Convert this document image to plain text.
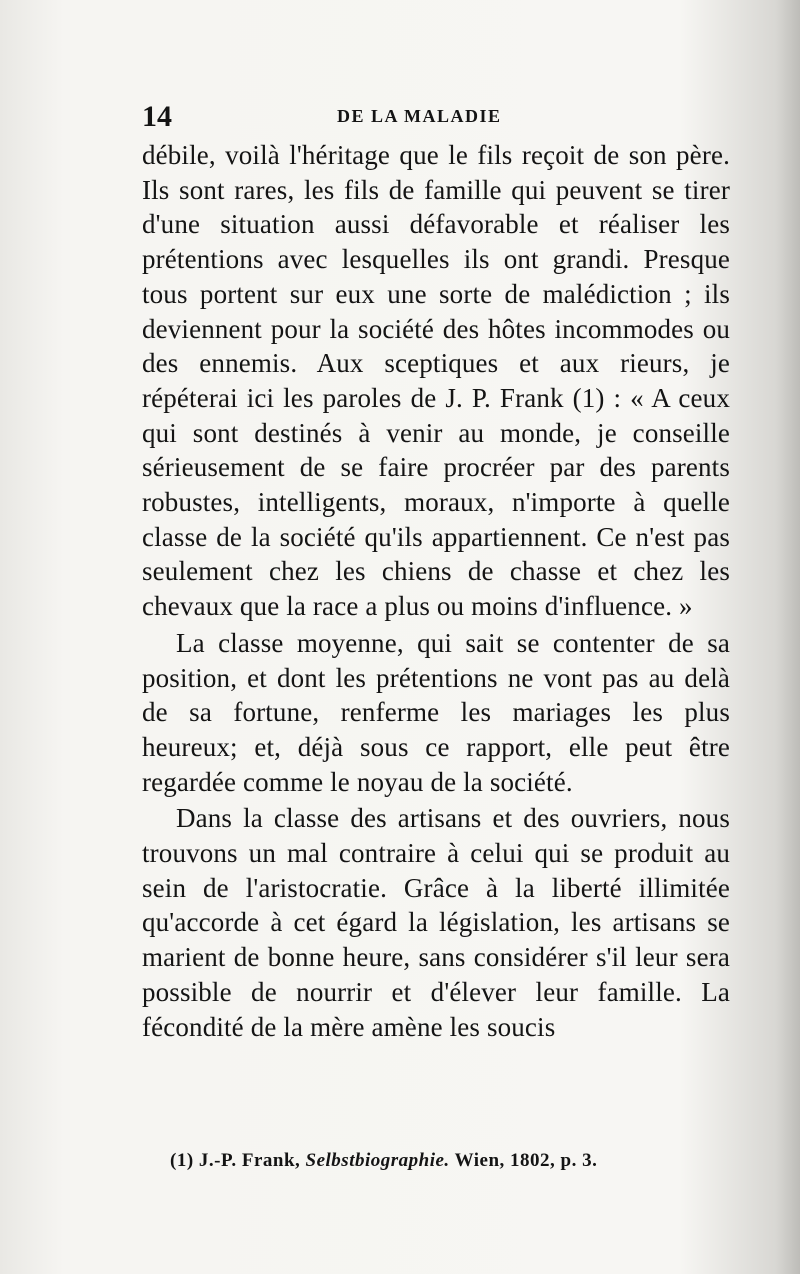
14	DE LA MALADIE

débile, voilà l'héritage que le fils reçoit de son père. Ils sont rares, les fils de famille qui peuvent se tirer d'une situation aussi défavorable et réaliser les prétentions avec lesquelles ils ont grandi. Presque tous portent sur eux une sorte de malédiction ; ils deviennent pour la société des hôtes incommodes ou des ennemis. Aux sceptiques et aux rieurs, je répéterai ici les paroles de J. P. Frank (1) : « A ceux qui sont destinés à venir au monde, je conseille sérieusement de se faire procréer par des parents robustes, intelligents, moraux, n'importe à quelle classe de la société qu'ils appartiennent. Ce n'est pas seulement chez les chiens de chasse et chez les chevaux que la race a plus ou moins d'influence. »

La classe moyenne, qui sait se contenter de sa position, et dont les prétentions ne vont pas au delà de sa fortune, renferme les mariages les plus heureux; et, déjà sous ce rapport, elle peut être regardée comme le noyau de la société.

Dans la classe des artisans et des ouvriers, nous trouvons un mal contraire à celui qui se produit au sein de l'aristocratie. Grâce à la liberté illimitée qu'accorde à cet égard la législation, les artisans se marient de bonne heure, sans considérer s'il leur sera possible de nourrir et d'élever leur famille. La fécondité de la mère amène les soucis

(1) J.-P. Frank, Selbstbiographie. Wien, 1802, p. 3.
